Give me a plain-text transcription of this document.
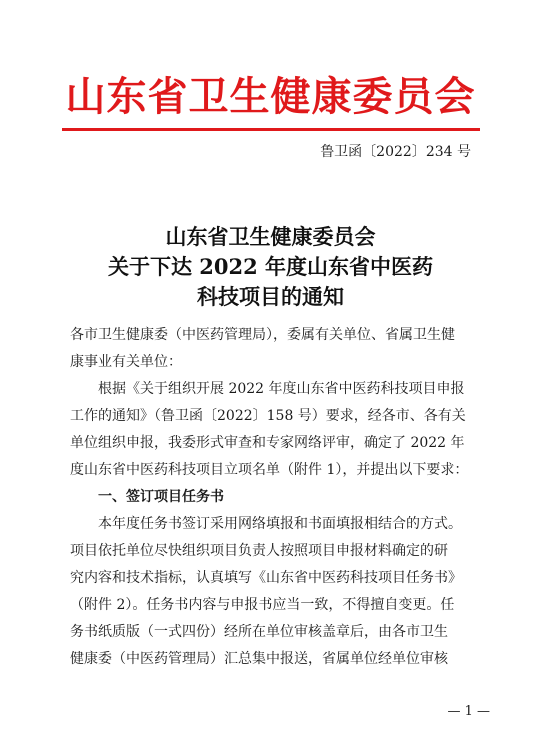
山东省卫生健康委员会
鲁卫函〔2022〕234 号
山东省卫生健康委员会
关于下达 2022 年度山东省中医药
科技项目的通知
各市卫生健康委（中医药管理局），委属有关单位、省属卫生健
康事业有关单位：
　　根据《关于组织开展 2022 年度山东省中医药科技项目申报
工作的通知》（鲁卫函〔2022〕158 号）要求，经各市、各有关
单位组织申报，我委形式审查和专家网络评审，确定了 2022 年
度山东省中医药科技项目立项名单（附件 1），并提出以下要求：
　　一、签订项目任务书
　　本年度任务书签订采用网络填报和书面填报相结合的方式。
项目依托单位尽快组织项目负责人按照项目申报材料确定的研
究内容和技术指标，认真填写《山东省中医药科技项目任务书》
（附件 2）。任务书内容与申报书应当一致，不得擅自变更。任
务书纸质版（一式四份）经所在单位审核盖章后，由各市卫生
健康委（中医药管理局）汇总集中报送，省属单位经单位审核
— 1 —
